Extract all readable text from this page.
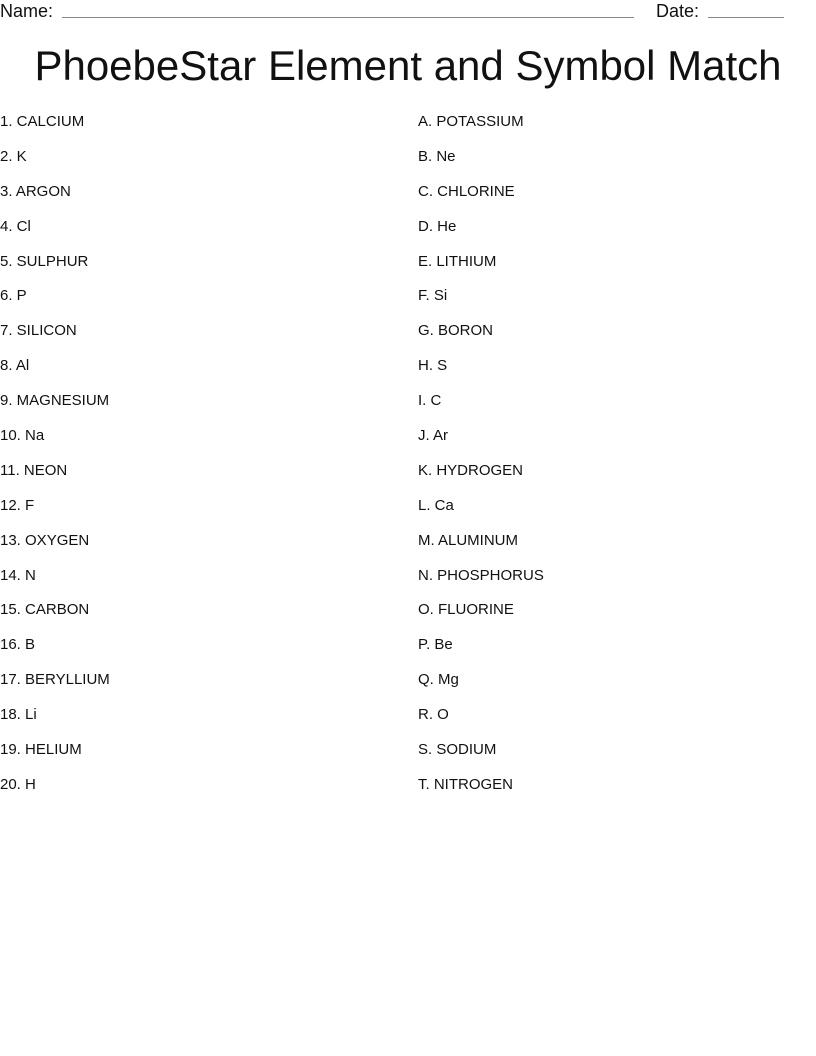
Name:	Date:
PhoebeStar Element and Symbol Match
1. CALCIUM
2. K
3. ARGON
4. Cl
5. SULPHUR
6. P
7. SILICON
8. Al
9. MAGNESIUM
10. Na
11. NEON
12. F
13. OXYGEN
14. N
15. CARBON
16. B
17. BERYLLIUM
18. Li
19. HELIUM
20. H
A. POTASSIUM
B. Ne
C. CHLORINE
D. He
E. LITHIUM
F. Si
G. BORON
H. S
I. C
J. Ar
K. HYDROGEN
L. Ca
M. ALUMINUM
N. PHOSPHORUS
O. FLUORINE
P. Be
Q. Mg
R. O
S. SODIUM
T. NITROGEN
